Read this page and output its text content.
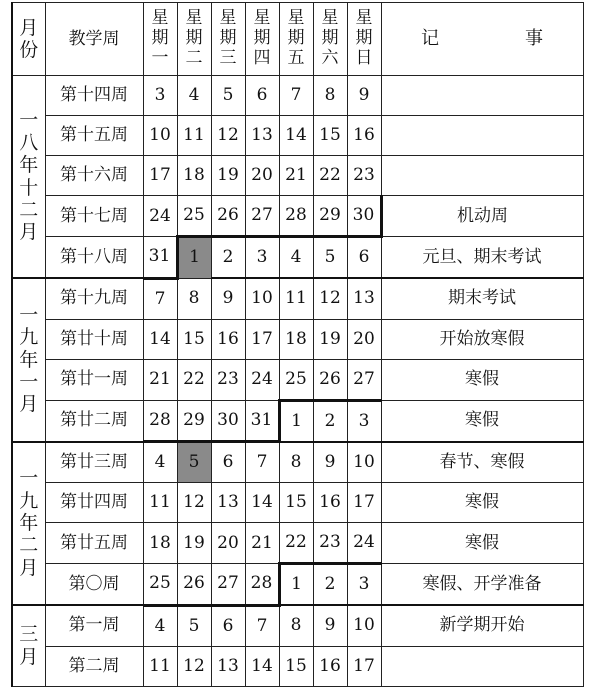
月份	教学周	星期一	星期二	星期三	星期四	星期五	星期六	星期日	记 事
一八年十二月	第十四周	3	4	5	6	7	8	9	
	第十五周	10	11	12	13	14	15	16	
	第十六周	17	18	19	20	21	22	23	
	第十七周	24	25	26	27	28	29	30	机动周
	第十八周	31	1	2	3	4	5	6	元旦、期末考试
一九年一月	第十九周	7	8	9	10	11	12	13	期末考试
	第廿十周	14	15	16	17	18	19	20	开始放寒假
	第廿一周	21	22	23	24	25	26	27	寒假
	第廿二周	28	29	30	31	1	2	3	寒假
一九年二月	第廿三周	4	5	6	7	8	9	10	春节、寒假
	第廿四周	11	12	13	14	15	16	17	寒假
	第廿五周	18	19	20	21	22	23	24	寒假
	第〇周	25	26	27	28	1	2	3	寒假、开学准备
三月	第一周	4	5	6	7	8	9	10	新学期开始
	第二周	11	12	13	14	15	16	17	
